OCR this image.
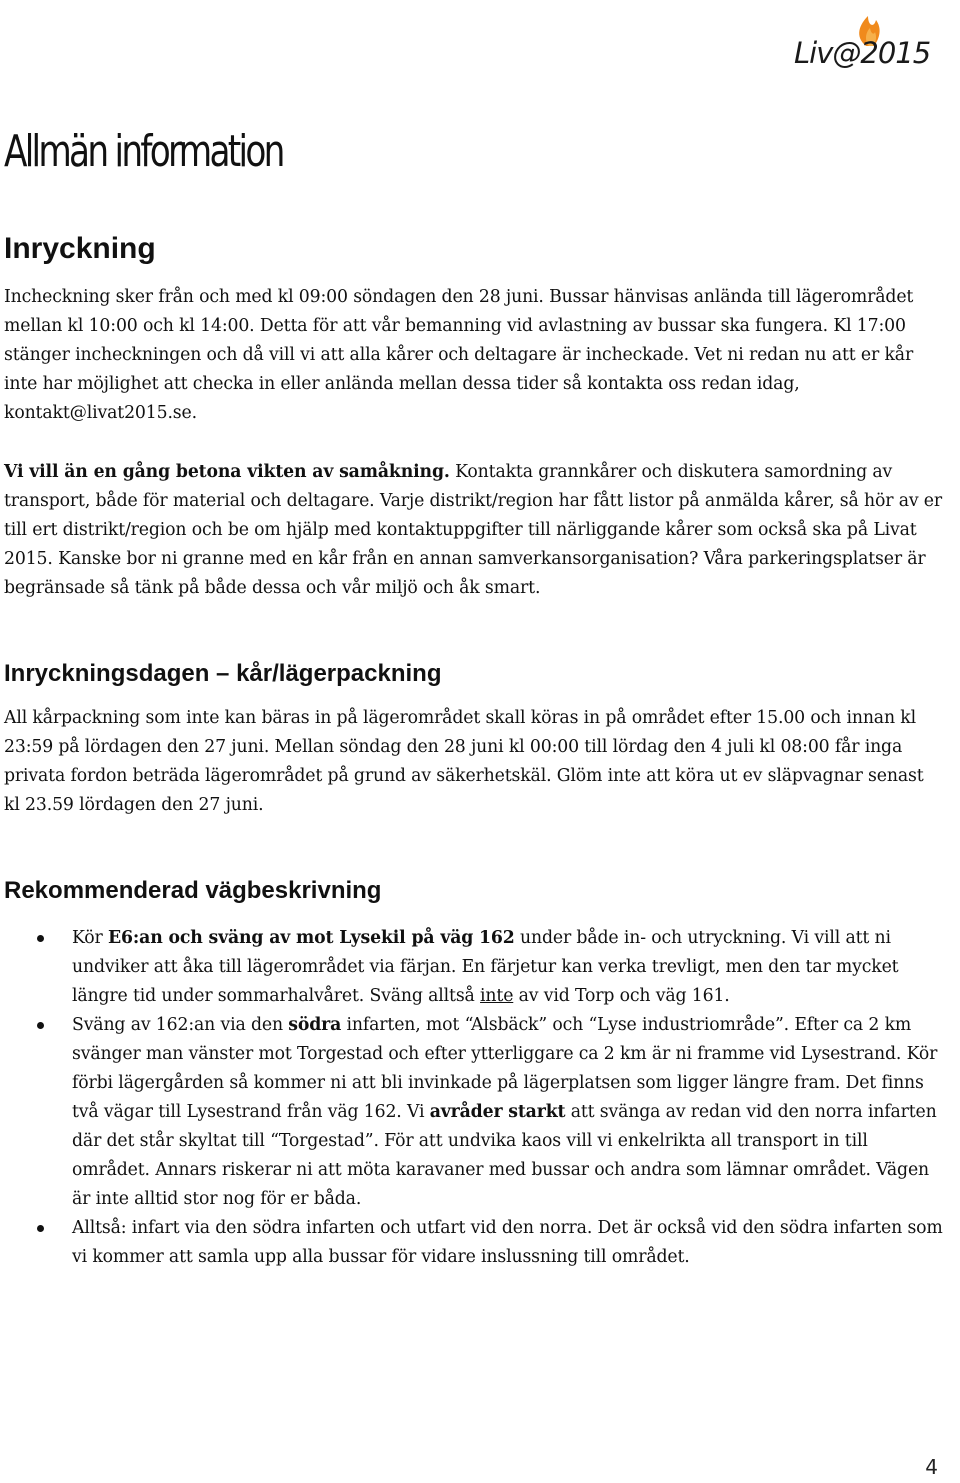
Liv@2015
Allmän information
Inryckning

Incheckning sker från och med kl 09:00 söndagen den 28 juni. Bussar hänvisas anlända till lägerområdet mellan kl 10:00 och kl 14:00. Detta för att vår bemanning vid avlastning av bussar ska fungera. Kl 17:00 stänger incheckningen och då vill vi att alla kårer och deltagare är incheckade. Vet ni redan nu att er kår inte har möjlighet att checka in eller anlända mellan dessa tider så kontakta oss redan idag, kontakt@livat2015.se.

Vi vill än en gång betona vikten av samåkning. Kontakta grannkårer och diskutera samordning av transport, både för material och deltagare. Varje distrikt/region har fått listor på anmälda kårer, så hör av er till ert distrikt/region och be om hjälp med kontaktuppgifter till närliggande kårer som också ska på Livat 2015. Kanske bor ni granne med en kår från en annan samverkansorganisation? Våra parkeringsplatser är begränsade så tänk på både dessa och vår miljö och åk smart.

Inryckningsdagen – kår/lägerpackning

All kårpackning som inte kan bäras in på lägerområdet skall köras in på området efter 15.00 och innan kl 23:59 på lördagen den 27 juni. Mellan söndag den 28 juni kl 00:00 till lördag den 4 juli kl 08:00 får inga privata fordon beträda lägerområdet på grund av säkerhetskäl. Glöm inte att köra ut ev släpvagnar senast kl 23.59 lördagen den 27 juni.

Rekommenderad vägbeskrivning
Kör E6:an och sväng av mot Lysekil på väg 162 under både in- och utryckning. Vi vill att ni undviker att åka till lägerområdet via färjan. En färjetur kan verka trevligt, men den tar mycket längre tid under sommarhalvåret. Sväng alltså inte av vid Torp och väg 161.
Sväng av 162:an via den södra infarten, mot “Alsbäck” och “Lyse industriområde”. Efter ca 2 km svänger man vänster mot Torgestad och efter ytterliggare ca 2 km är ni framme vid Lysestrand. Kör förbi lägergården så kommer ni att bli invinkade på lägerplatsen som ligger längre fram. Det finns två vägar till Lysestrand från väg 162. Vi avråder starkt att svänga av redan vid den norra infarten där det står skyltat till “Torgestad”. För att undvika kaos vill vi enkelrikta all transport in till området. Annars riskerar ni att möta karavaner med bussar och andra som lämnar området. Vägen är inte alltid stor nog för er båda.
Alltså: infart via den södra infarten och utfart vid den norra. Det är också vid den södra infarten som vi kommer att samla upp alla bussar för vidare inslussning till området.
4
